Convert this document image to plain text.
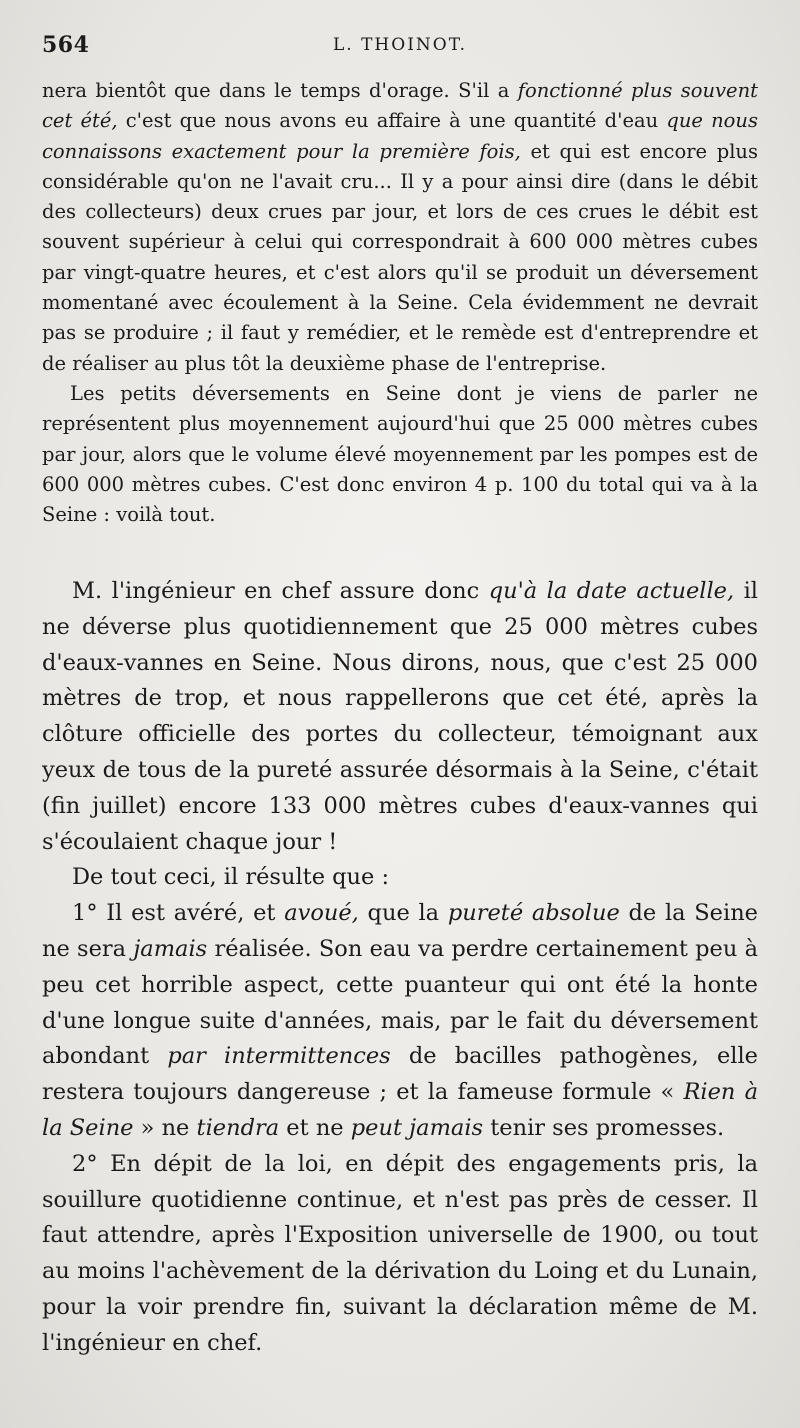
564	L. THOINOT.

nera bientôt que dans le temps d'orage. S'il a fonctionné plus souvent cet été, c'est que nous avons eu affaire à une quantité d'eau que nous connaissons exactement pour la première fois, et qui est encore plus considérable qu'on ne l'avait cru... Il y a pour ainsi dire (dans le débit des collecteurs) deux crues par jour, et lors de ces crues le débit est souvent supérieur à celui qui correspondrait à 600 000 mètres cubes par vingt-quatre heures, et c'est alors qu'il se produit un déversement momentané avec écoulement à la Seine. Cela évidemment ne devrait pas se produire ; il faut y remédier, et le remède est d'entreprendre et de réaliser au plus tôt la deuxième phase de l'entreprise.

Les petits déversements en Seine dont je viens de parler ne représentent plus moyennement aujourd'hui que 25 000 mètres cubes par jour, alors que le volume élevé moyennement par les pompes est de 600 000 mètres cubes. C'est donc environ 4 p. 100 du total qui va à la Seine : voilà tout.

M. l'ingénieur en chef assure donc qu'à la date actuelle, il ne déverse plus quotidiennement que 25 000 mètres cubes d'eaux-vannes en Seine. Nous dirons, nous, que c'est 25 000 mètres de trop, et nous rappellerons que cet été, après la clôture officielle des portes du collecteur, témoignant aux yeux de tous de la pureté assurée désormais à la Seine, c'était (fin juillet) encore 133 000 mètres cubes d'eaux-vannes qui s'écoulaient chaque jour !

De tout ceci, il résulte que :

1° Il est avéré, et avoué, que la pureté absolue de la Seine ne sera jamais réalisée. Son eau va perdre certainement peu à peu cet horrible aspect, cette puanteur qui ont été la honte d'une longue suite d'années, mais, par le fait du déversement abondant par intermittences de bacilles pathogènes, elle restera toujours dangereuse ; et la fameuse formule « Rien à la Seine » ne tiendra et ne peut jamais tenir ses promesses.

2° En dépit de la loi, en dépit des engagements pris, la souillure quotidienne continue, et n'est pas près de cesser. Il faut attendre, après l'Exposition universelle de 1900, ou tout au moins l'achèvement de la dérivation du Loing et du Lunain, pour la voir prendre fin, suivant la déclaration même de M. l'ingénieur en chef.
